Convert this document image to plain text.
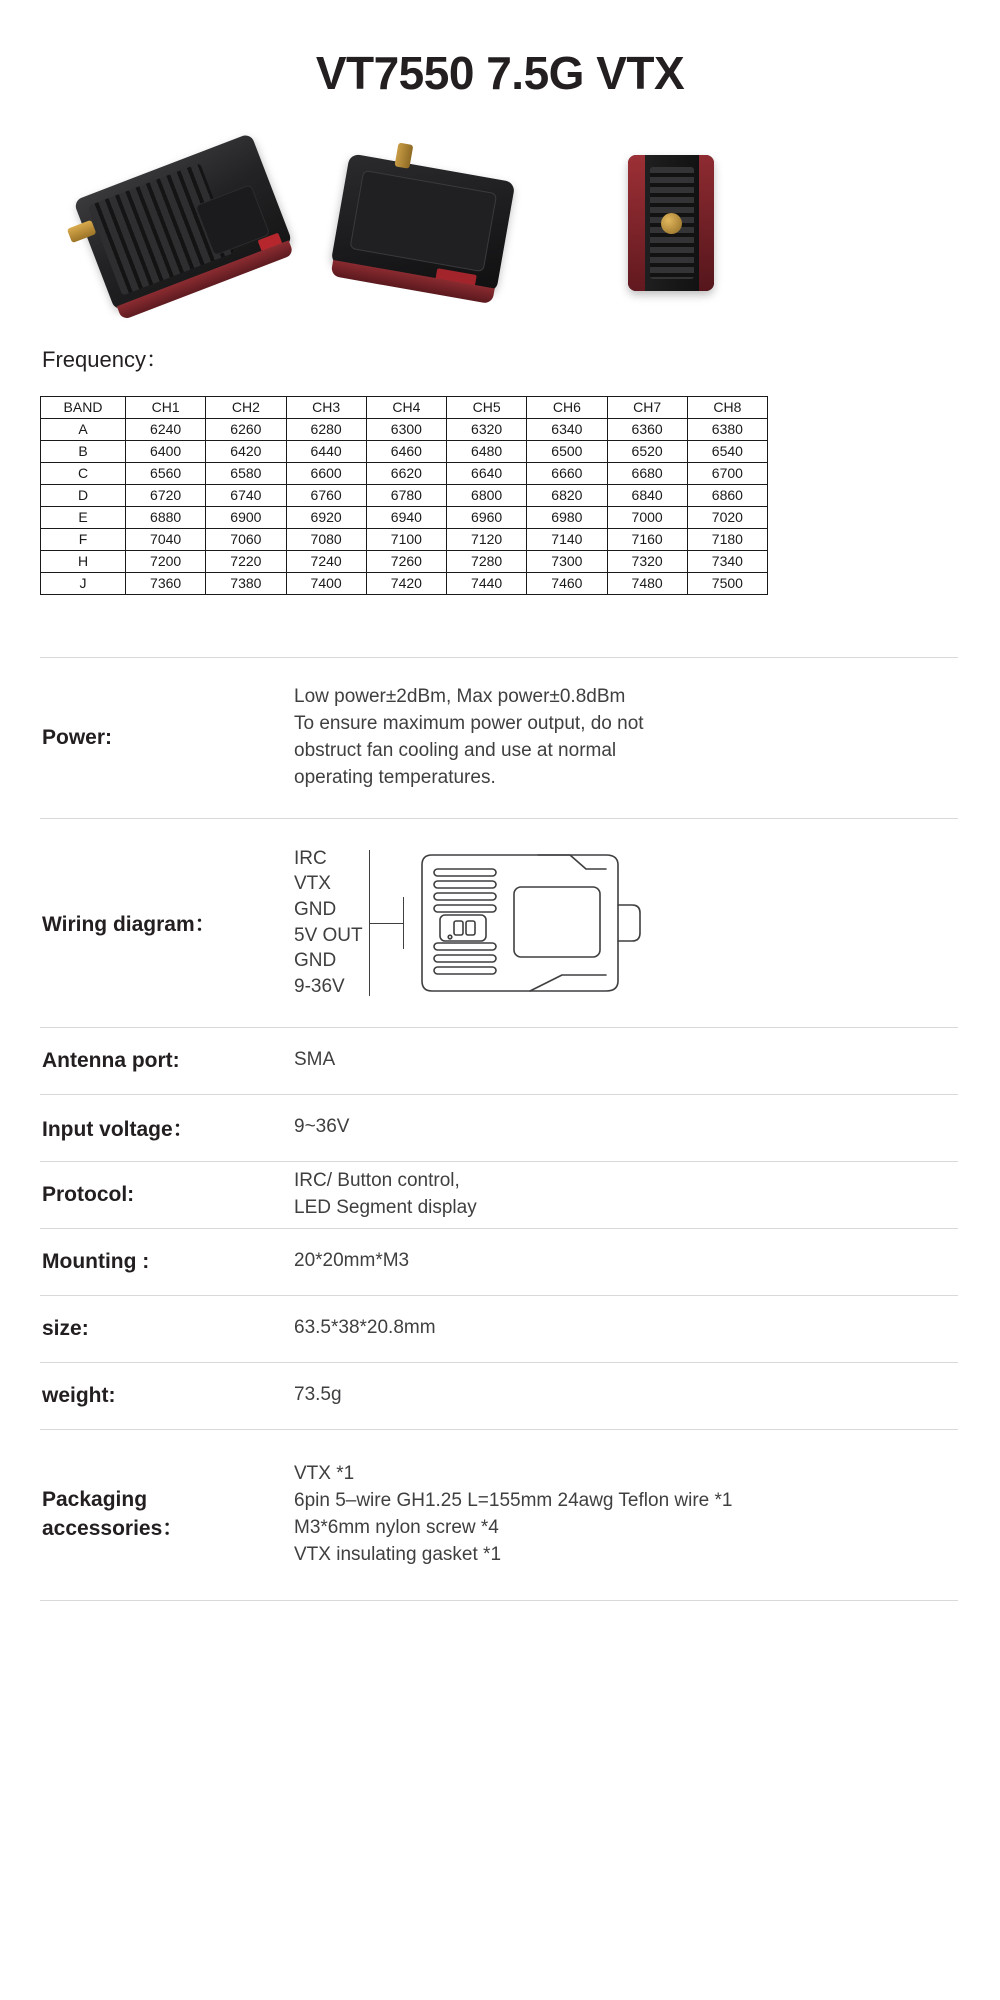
VT7550 7.5G VTX
Frequency：
BAND	CH1	CH2	CH3	CH4	CH5	CH6	CH7	CH8
A	6240	6260	6280	6300	6320	6340	6360	6380
B	6400	6420	6440	6460	6480	6500	6520	6540
C	6560	6580	6600	6620	6640	6660	6680	6700
D	6720	6740	6760	6780	6800	6820	6840	6860
E	6880	6900	6920	6940	6960	6980	7000	7020
F	7040	7060	7080	7100	7120	7140	7160	7180
H	7200	7220	7240	7260	7280	7300	7320	7340
J	7360	7380	7400	7420	7440	7460	7480	7500
Power:
Low power±2dBm, Max power±0.8dBm
To ensure maximum power output, do not
obstruct fan cooling and use at normal
operating temperatures.
Wiring diagram：
IRC
VTX
GND
5V OUT
GND
9-36V
Antenna port:	SMA
Input voltage：	9~36V
Protocol:
IRC/ Button control,
LED Segment display
Mounting :	20*20mm*M3
size:	63.5*38*20.8mm
weight:	73.5g
Packaging accessories：
VTX *1
6pin 5–wire GH1.25 L=155mm 24awg Teflon wire *1
M3*6mm nylon screw *4
VTX insulating gasket *1
